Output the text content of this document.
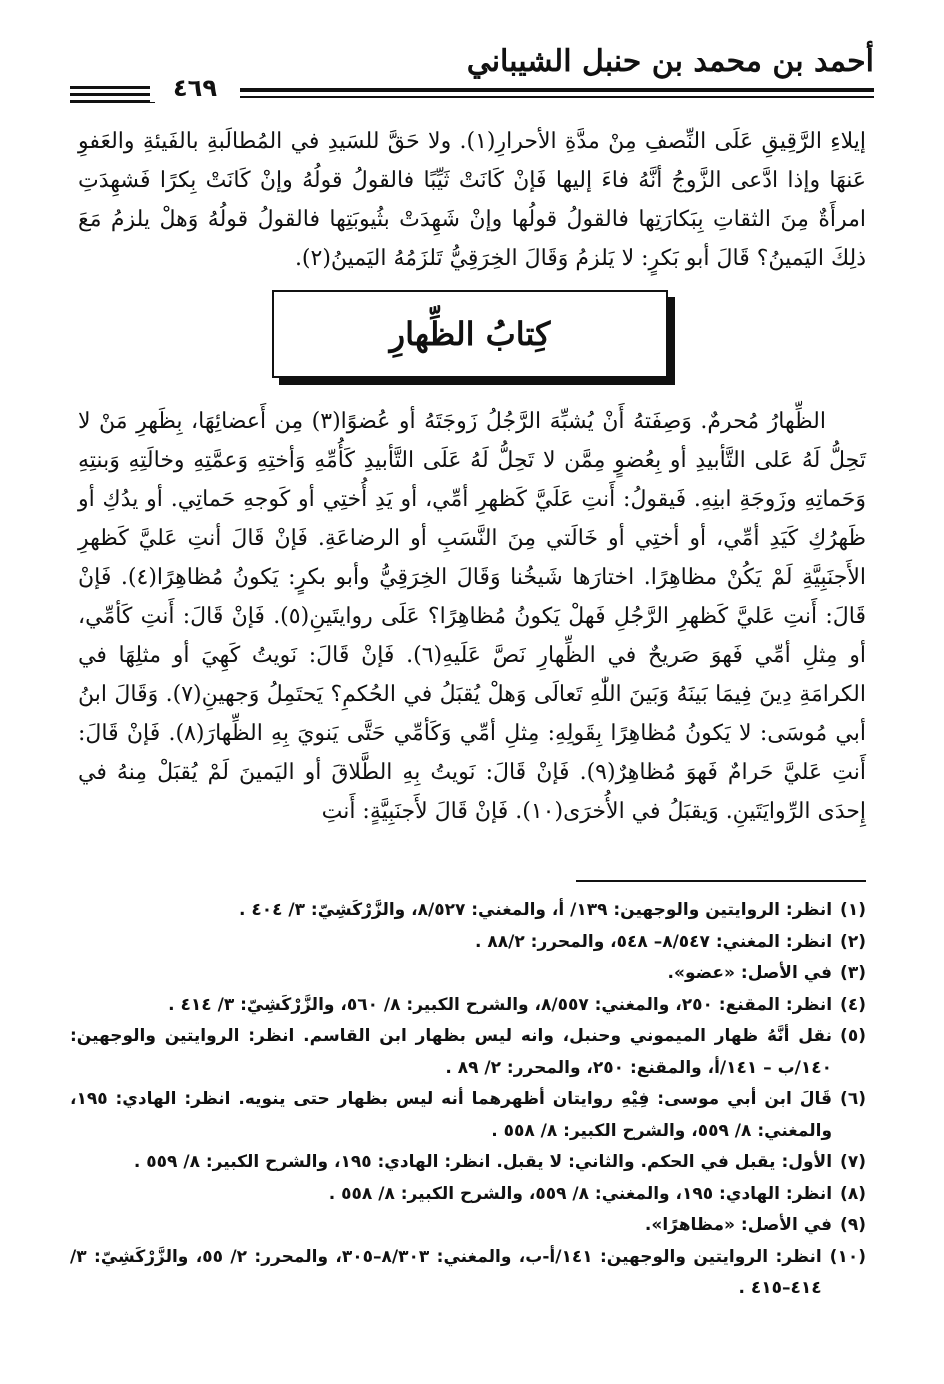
أحمد بن محمد بن حنبل الشيباني
٤٦٩

إيلاءِ الرَّقِيقِ عَلَى النِّصفِ مِنْ مدَّةِ الأحرارِ(١). ولا حَقَّ للسَيدِ في المُطالَبةِ بالفَيئةِ والعَفوِ عَنهَا وإذا ادَّعى الزَّوجُ أنَّهُ فاءَ إليها فَإنْ كَانَتْ ثَيِّبًا فالقولُ قولُهُ وإنْ كَانَتْ بِكرًا فَشهِدَتِ امرأَةٌ مِنَ الثقاتِ بِبَكارَتِها فالقولُ قولُها وإنْ شَهِدَتْ بثُيوبَتِها فالقولُ قولُهُ وَهلْ يلزمُ مَعَ ذلِكَ اليَمينُ؟ قَالَ أبو بَكرٍ: لا يَلزمُ وَقَالَ الخِرَقِيُّ تَلزَمُهُ اليَمينُ(٢).

كِتابُ الظِّهارِ

الظِّهارُ مُحرمٌ. وَصِفَتهُ أَنْ يُشبِّهَ الرَّجُلُ زَوجَتَهُ أو عُضوًا(٣) مِن أَعضائِهَا، بِظَهرِ مَنْ لا تَحِلُّ لَهُ عَلى التَّأبيدِ أو بِعُضوٍ مِمَّن لا تَحِلُّ لَهُ عَلَى التَّأبيدِ كَأُمِّهِ وَأختِهِ وَعمَّتِهِ وخالَتِهِ وَبنتِهِ وَحَماتِهِ وزَوجَةِ ابنِهِ. فَيقولُ: أَنتِ عَلَيَّ كَظهرِ أمِّي، أو يَدِ أُختِي أو كَوجهِ حَماتِي. أو يدُكِ أو ظَهرُكِ كَيَدِ أمِّي، أو أختِي أو خَالَتي مِنَ النَّسَبِ أو الرضاعَةِ. فَإنْ قَالَ أنتِ عَليَّ كَظهرِ الأَجنَبِيَّةِ لَمْ يَكُنْ مظاهِرًا. اختارَها شَيخُنا وَقَالَ الخِرَقِيُّ وأبو بكرٍ: يَكونُ مُظاهِرًا(٤). فَإنْ قَالَ: أَنتِ عَليَّ كَظهرِ الرَّجُلِ فَهلْ يَكونُ مُظاهِرًا؟ عَلَى روايتَينِ(٥). فَإنْ قَالَ: أَنتِ كَأمِّي، أو مِثلِ أمِّي فَهوَ صَريحٌ في الظِّهارِ نَصَّ عَلَيهِ(٦). فَإنْ قَالَ: نَويتُ كَهِيَ أو مثلِهَا في الكرامَةِ دِينَ فِيمَا بَينَهُ وَبَينَ اللّٰهِ تَعالَى وَهلْ يُقبَلُ في الحُكمِ؟ يَحتَمِلُ وَجهينِ(٧). وَقَالَ ابنُ أبي مُوسَى: لا يَكونُ مُظاهِرًا بِقَولِهِ: مِثلِ أمِّي وَكَأمِّي حَتَّى يَنويَ بِهِ الظِّهارَ(٨). فَإنْ قَالَ: أَنتِ عَليَّ حَرامٌ فَهوَ مُظاهِرٌ(٩). فَإنْ قَالَ: نَويتُ بِهِ الطَّلاقَ أو اليَمينَ لَمْ يُقبَلْ مِنهُ في إِحدَى الرِّوايَتَينِ. وَيقبَلُ في الأُخرَى(١٠). فَإنْ قَالَ لأَجنَبِيَّةٍ: أَنتِ

(١)
انظر: الروايتين والوجهين: ١٣٩/ أ، والمغني: ٨/٥٢٧، والزَّرْكَشِيّ: ٣/ ٤٠٤ .
(٢)
انظر: المغني: ٨/٥٤٧– ٥٤٨، والمحرر: ٨٨/٢ .
(٣)
في الأصل: «عضو».
(٤)
انظر: المقنع: ٢٥٠، والمغني: ٨/٥٥٧، والشرح الكبير: ٨/ ٥٦٠، والزَّرْكَشِيّ: ٣/ ٤١٤ .
(٥)
نقل أنَّهُ ظهار الميموني وحنبل، وانه ليس بظهار ابن القاسم. انظر: الروايتين والوجهين: ١٤٠/ب – ١٤١/أ، والمقنع: ٢٥٠، والمحرر: ٢/ ٨٩ .
(٦)
قَالَ ابن أبي موسى: فِيْهِ روايتان أظهرهما أنه ليس بظهار حتى ينويه. انظر: الهادي: ١٩٥، والمغني: ٨/ ٥٥٩، والشرح الكبير: ٨/ ٥٥٨ .
(٧)
الأول: يقبل في الحكم. والثاني: لا يقبل. انظر: الهادي: ١٩٥، والشرح الكبير: ٨/ ٥٥٩ .
(٨)
انظر: الهادي: ١٩٥، والمغني: ٨/ ٥٥٩، والشرح الكبير: ٨/ ٥٥٨ .
(٩)
في الأصل: «مظاهرًا».
(١٠)
انظر: الروايتين والوجهين: ١٤١/أ-ب، والمغني: ٨/٣٠٣–٣٠٥، والمحرر: ٢/ ٥٥، والزَّرْكَشِيّ: ٣/ ٤١٤–٤١٥ .
